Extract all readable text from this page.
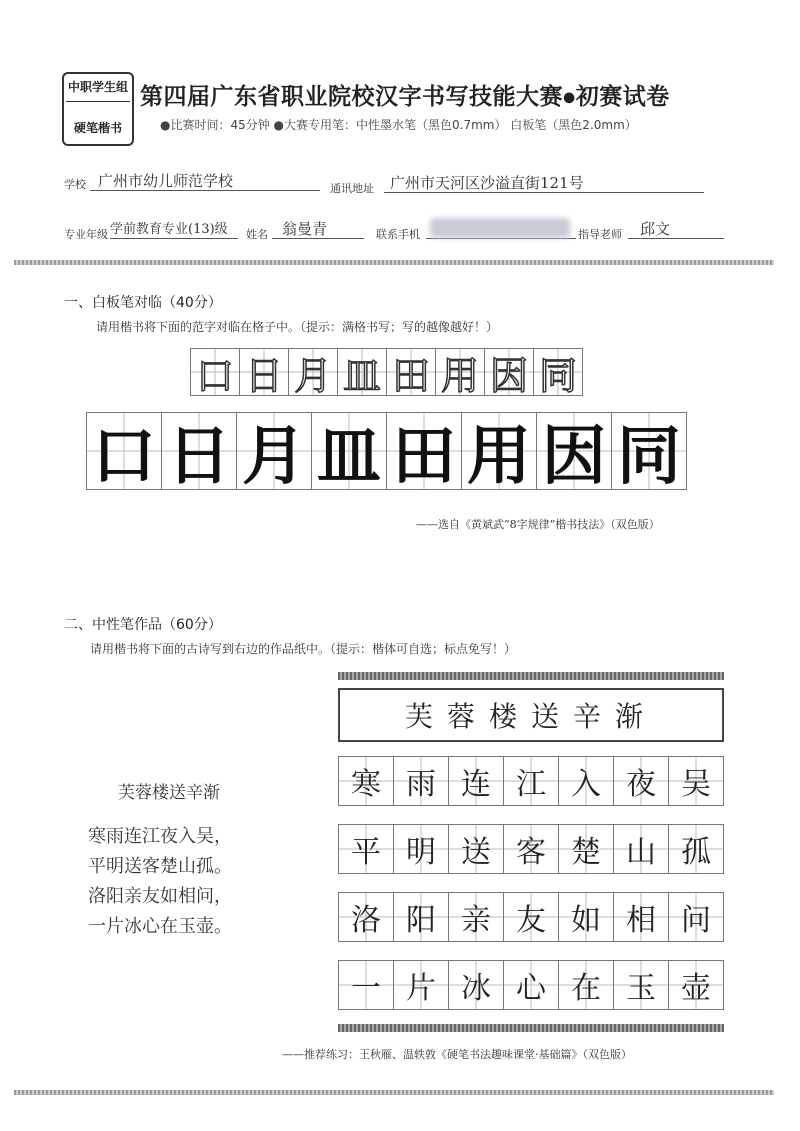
中职学生组
硬笔楷书
第四届广东省职业院校汉字书写技能大赛●初赛试卷
●比赛时间：45分钟 ●大赛专用笔：中性墨水笔（黑色0.7mm） 白板笔（黑色2.0mm）
学校 广州市幼儿师范学校	通讯地址 广州市天河区沙溢直街121号
专业年级 学前教育专业(13)级 姓名 翁曼青	联系手机	指导老师 邱文
一、白板笔对临（40分）
请用楷书将下面的范字对临在格子中。（提示：满格书写；写的越像越好！）
口 日 月 皿 田 用 因 同
口 日 月 皿 田 用 因 同
——选自《黄斌武“8字规律”楷书技法》（双色版）
二、中性笔作品（60分）
请用楷书将下面的古诗写到右边的作品纸中。（提示：楷体可自选；标点免写！）
芙蓉楼送辛渐
寒雨连江夜入吴，
平明送客楚山孤。
洛阳亲友如相问，
一片冰心在玉壶。
芙蓉楼送辛渐
寒 雨 连 江 入 夜 吴
平 明 送 客 楚 山 孤
洛 阳 亲 友 如 相 问
一 片 冰 心 在 玉 壶
——推荐练习：王秋雁、温轶敦《硬笔书法趣味课堂·基础篇》（双色版）
